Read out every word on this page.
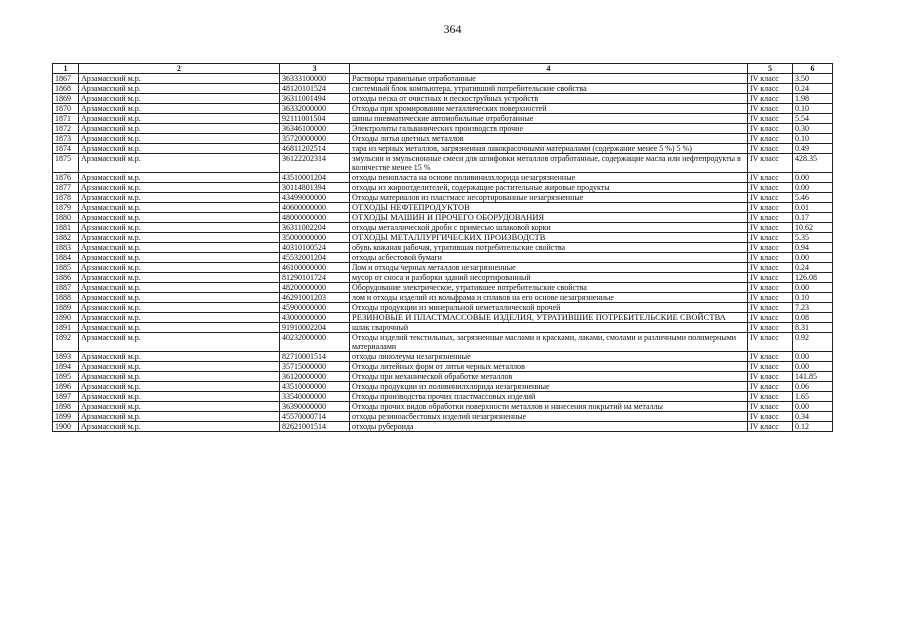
364
1	2	3	4	5	6
1867	Арзамасский м.р.	36333100000	Растворы травильные отработанные	IV класс	3.50
1868	Арзамасский м.р.	48120101524	системный блок компьютера, утративший потребительские свойства	IV класс	0.24
1869	Арзамасский м.р.	36311001494	отходы песка от очистных и пескоструйных устройств	IV класс	1.98
1870	Арзамасский м.р.	36332000000	Отходы при хромировании металлических поверхностей	IV класс	0.10
1871	Арзамасский м.р.	92111001504	шины пневматические автомобильные отработанные	IV класс	5.54
1872	Арзамасский м.р.	36346100000	Электролиты гальванических производств прочие	IV класс	0.30
1873	Арзамасский м.р.	35720000000	Отходы литья цветных металлов	IV класс	0.10
1874	Арзамасский м.р.	46811202514	тара из черных металлов, загрязненная лакокрасочными материалами (содержание менее 5 %) 5 %)	IV класс	0.49
1875	Арзамасский м.р.	36122202314	эмульсии и эмульсионные смеси для шлифовки металлов отработанные, содержащие масла или нефтепродукты в количестве менее 15 %	IV класс	428.35
1876	Арзамасский м.р.	43510001204	отходы пенопласта на основе поливинилхлорида незагрязненные	IV класс	0.00
1877	Арзамасский м.р.	30114801394	отходы из жироотделителей, содержащие растительные жировые продукты	IV класс	0.00
1878	Арзамасский м.р.	43499000000	Отходы материалов из пластмасс несортированные незагрязненные	IV класс	5.46
1879	Арзамасский м.р.	40600000000	ОТХОДЫ НЕФТЕПРОДУКТОВ	IV класс	0.01
1880	Арзамасский м.р.	48000000000	ОТХОДЫ МАШИН И ПРОЧЕГО ОБОРУДОВАНИЯ	IV класс	0.17
1881	Арзамасский м.р.	36311002204	отходы металлической дроби с примесью шлаковой корки	IV класс	10.62
1882	Арзамасский м.р.	35000000000	ОТХОДЫ МЕТАЛЛУРГИЧЕСКИХ ПРОИЗВОДСТВ	IV класс	5.35
1883	Арзамасский м.р.	40310100524	обувь кожаная рабочая, утратившая потребительские свойства	IV класс	0.94
1884	Арзамасский м.р.	45532001204	отходы асбестовой бумаги	IV класс	0.00
1885	Арзамасский м.р.	46100000000	Лом и отходы черных металлов незагрязненные	IV класс	0.24
1886	Арзамасский м.р.	81290101724	мусор от сноса и разборки зданий несортированный	IV класс	126.08
1887	Арзамасский м.р.	48200000000	Оборудование электрическое, утратившее потребительские свойства	IV класс	0.00
1888	Арзамасский м.р.	46291001203	лом и отходы изделий из вольфрама и сплавов на его основе незагрязненные	IV класс	0.10
1889	Арзамасский м.р.	45900000000	Отходы продукции из минеральной неметаллической прочей	IV класс	7.23
1890	Арзамасский м.р.	43000000000	РЕЗИНОВЫЕ И ПЛАСТМАССОВЫЕ ИЗДЕЛИЯ, УТРАТИВШИЕ ПОТРЕБИТЕЛЬСКИЕ СВОЙСТВА	IV класс	0.08
1891	Арзамасский м.р.	91910002204	шлак сварочный	IV класс	8.31
1892	Арзамасский м.р.	40232000000	Отходы изделий текстильных, загрязненные маслами и красками, лаками, смолами и различными полимерными материалами	IV класс	0.92
1893	Арзамасский м.р.	82710001514	отходы линолеума незагрязненные	IV класс	0.00
1894	Арзамасский м.р.	35715000000	Отходы литейных форм от литья черных металлов	IV класс	0.00
1895	Арзамасский м.р.	36120000000	Отходы при механической обработке металлов	IV класс	141.85
1896	Арзамасский м.р.	43510000000	Отходы продукции из поливинилхлорида незагрязненные	IV класс	0.06
1897	Арзамасский м.р.	33540000000	Отходы производства прочих пластмассовых изделий	IV класс	1.65
1898	Арзамасский м.р.	36390000000	Отходы прочих видов обработки поверхности металлов и нанесения покрытий на металлы	IV класс	0.00
1899	Арзамасский м.р.	45570000714	отходы резиноасбестовых изделий незагрязненные	IV класс	0.34
1900	Арзамасский м.р.	82621001514	отходы рубероида	IV класс	0.12
